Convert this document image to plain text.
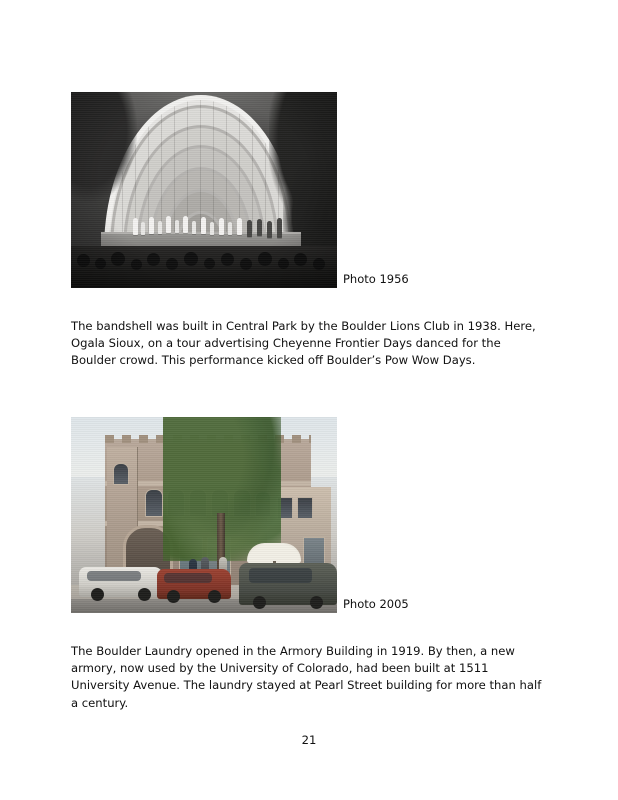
Photo 1956

The bandshell was built in Central Park by the Boulder Lions Club in 1938. Here, Ogala Sioux, on a tour advertising Cheyenne Frontier Days danced for the Boulder crowd. This performance kicked off Boulder’s Pow Wow Days.

Photo 2005

The Boulder Laundry opened in the Armory Building in 1919. By then, a new armory, now used by the University of Colorado, had been built at 1511 University Avenue. The laundry stayed at Pearl Street building for more than half a century.

21
